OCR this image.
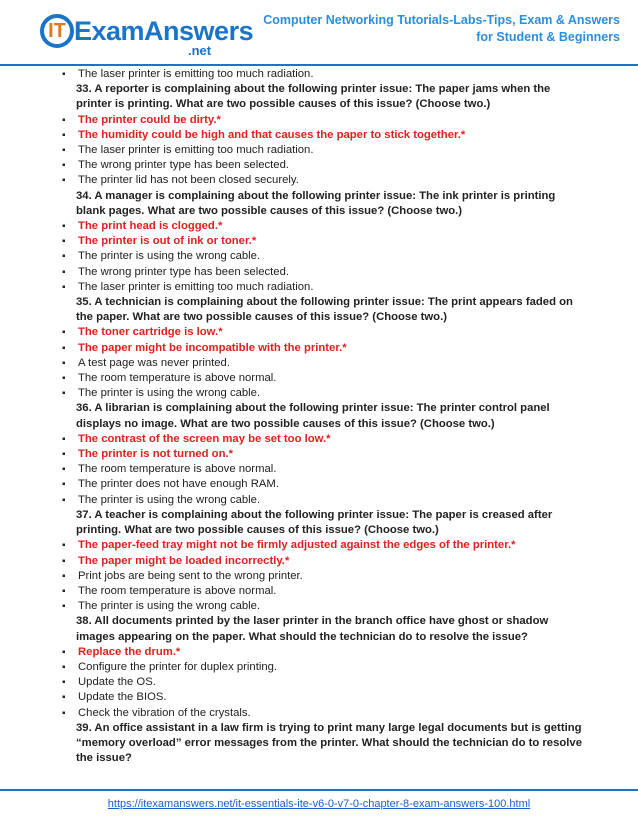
IT ExamAnswers
.net
Computer Networking Tutorials-Labs-Tips, Exam & Answers
for Student & Beginners
▪ The laser printer is emitting too much radiation.
33. A reporter is complaining about the following printer issue: The paper jams when the printer is printing. What are two possible causes of this issue? (Choose two.)
▪ The printer could be dirty.*
▪ The humidity could be high and that causes the paper to stick together.*
▪ The laser printer is emitting too much radiation.
▪ The wrong printer type has been selected.
▪ The printer lid has not been closed securely.
34. A manager is complaining about the following printer issue: The ink printer is printing blank pages. What are two possible causes of this issue? (Choose two.)
▪ The print head is clogged.*
▪ The printer is out of ink or toner.*
▪ The printer is using the wrong cable.
▪ The wrong printer type has been selected.
▪ The laser printer is emitting too much radiation.
35. A technician is complaining about the following printer issue: The print appears faded on the paper. What are two possible causes of this issue? (Choose two.)
▪ The toner cartridge is low.*
▪ The paper might be incompatible with the printer.*
▪ A test page was never printed.
▪ The room temperature is above normal.
▪ The printer is using the wrong cable.
36. A librarian is complaining about the following printer issue: The printer control panel displays no image. What are two possible causes of this issue? (Choose two.)
▪ The contrast of the screen may be set too low.*
▪ The printer is not turned on.*
▪ The room temperature is above normal.
▪ The printer does not have enough RAM.
▪ The printer is using the wrong cable.
37. A teacher is complaining about the following printer issue: The paper is creased after printing. What are two possible causes of this issue? (Choose two.)
▪ The paper-feed tray might not be firmly adjusted against the edges of the printer.*
▪ The paper might be loaded incorrectly.*
▪ Print jobs are being sent to the wrong printer.
▪ The room temperature is above normal.
▪ The printer is using the wrong cable.
38. All documents printed by the laser printer in the branch office have ghost or shadow images appearing on the paper. What should the technician do to resolve the issue?
▪ Replace the drum.*
▪ Configure the printer for duplex printing.
▪ Update the OS.
▪ Update the BIOS.
▪ Check the vibration of the crystals.
39. An office assistant in a law firm is trying to print many large legal documents but is getting “memory overload” error messages from the printer. What should the technician do to resolve the issue?
https://itexamanswers.net/it-essentials-ite-v6-0-v7-0-chapter-8-exam-answers-100.html
